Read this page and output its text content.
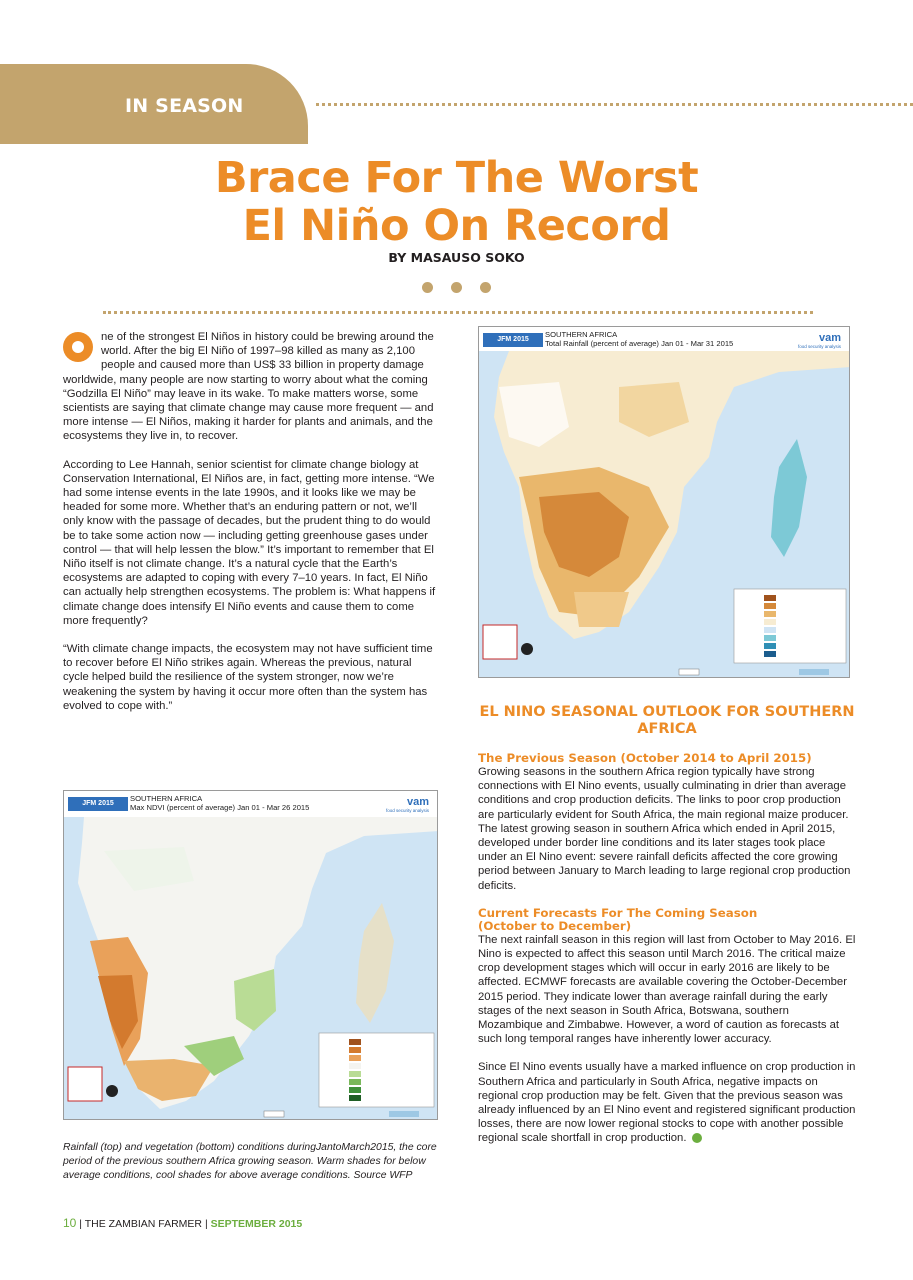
IN SEASON
Brace For The Worst
El Niño On Record
BY MASAUSO SOKO

ne of the strongest El Niños in history could be brewing around the world. After the big El Niño of 1997–98 killed as many as 2,100 people and caused more than US$ 33 billion in property damage worldwide, many people are now starting to worry about what the coming “Godzilla El Niño” may leave in its wake. To make matters worse, some scientists are saying that climate change may cause more frequent — and more intense — El Niños, making it harder for plants and animals, and the ecosystems they live in, to recover.

According to Lee Hannah, senior scientist for climate change biology at Conservation International, El Niños are, in fact, getting more intense. “We had some intense events in the late 1990s, and it looks like we may be headed for some more. Whether that’s an enduring pattern or not, we’ll only know with the passage of decades, but the prudent thing to do would be to take some action now — including getting greenhouse gases under control — that will help lessen the blow.” It’s important to remember that El Niño itself is not climate change. It’s a natural cycle that the Earth’s ecosystems are adapted to coping with every 7–10 years. In fact, El Niño can actually help strengthen ecosystems. The problem is: What happens if climate change does intensify El Niño events and cause them to come more frequently?

“With climate change impacts, the ecosystem may not have sufficient time to recover before El Niño strikes again. Whereas the previous, natural cycle helped build the resilience of the system stronger, now we’re weakening the system by having it occur more often than the system has evolved to cope with.”

JFM 2015
SOUTHERN AFRICA
Total Rainfall (percent of average) Jan 01 - Mar 31 2015	vam
food security analysis
EL NINO SEASONAL OUTLOOK FOR SOUTHERN AFRICA
The Previous Season (October 2014 to April 2015)

Growing seasons in the southern Africa region typically have strong connections with El Nino events, usually culminating in drier than average conditions and crop production deficits. The links to poor crop production are particularly evident for South Africa, the main regional maize producer. The latest growing season in southern Africa which ended in April 2015, developed under border line conditions and its later stages took place under an El Nino event: severe rainfall deficits affected the core growing period between January to March leading to large regional crop production deficits.

Current Forecasts For The Coming Season
(October to December)

The next rainfall season in this region will last from October to May 2016. El Nino is expected to affect this season until March 2016. The critical maize crop development stages which will occur in early 2016 are likely to be affected. ECMWF forecasts are available covering the October-December 2015 period. They indicate lower than average rainfall during the early stages of the next season in South Africa, Botswana, southern Mozambique and Zimbabwe. However, a word of caution as forecasts at such long temporal ranges have inherently lower accuracy.

Since El Nino events usually have a marked influence on crop production in Southern Africa and particularly in South Africa, negative impacts on regional crop production may be felt. Given that the previous season was already influenced by an El Nino event and registered significant production losses, there are now lower regional stocks to cope with another possible regional scale shortfall in crop production.

JFM 2015
SOUTHERN AFRICA
Max NDVI (percent of average) Jan 01 - Mar 26 2015	vam
food security analysis
Rainfall (top) and vegetation (bottom) conditions duringJantoMarch2015, the core period of the previous southern Africa growing season. Warm shades for below average conditions, cool shades for above average conditions. Source WFP
10 | THE ZAMBIAN FARMER | SEPTEMBER 2015
